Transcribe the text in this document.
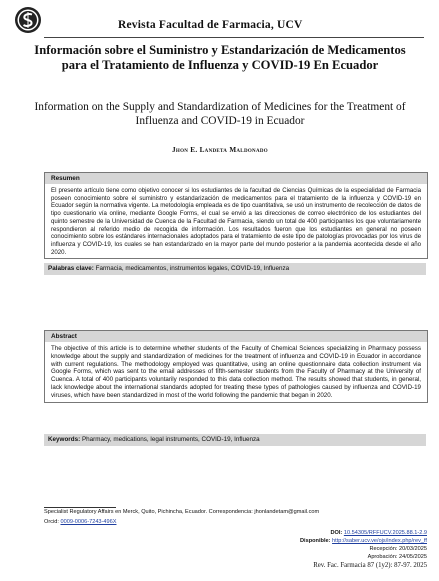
Revista Facultad de Farmacia, UCV
Información sobre el Suministro y Estandarización de Medicamentos para el Tratamiento de Influenza y COVID-19 En Ecuador
Information on the Supply and Standardization of Medicines for the Treatment of Influenza and COVID-19 in Ecuador
Jhon E. Landeta Maldonado
Resumen
El presente artículo tiene como objetivo conocer si los estudiantes de la facultad de Ciencias Químicas de la especialidad de Farmacia poseen conocimiento sobre el suministro y estandarización de medicamentos para el tratamiento de la influenza y COVID-19 en Ecuador según la normativa vigente. La metodología empleada es de tipo cuantitativa, se usó un instrumento de recolección de datos de tipo cuestionario vía online, mediante Google Forms, el cual se envió a las direcciones de correo electrónico de los estudiantes del quinto semestre de la Universidad de Cuenca de la Facultad de Farmacia, siendo un total de 400 participantes los que voluntariamente respondieron al referido medio de recogida de información. Los resultados fueron que los estudiantes en general no poseen conocimiento sobre los estándares internacionales adoptados para el tratamiento de este tipo de patologías provocadas por los virus de influenza y COVID-19, los cuales se han estandarizado en la mayor parte del mundo posterior a la pandemia acontecida desde el año 2020.
Palabras clave: Farmacia, medicamentos, instrumentos legales, COVID-19, Influenza
Abstract
The objective of this article is to determine whether students of the Faculty of Chemical Sciences specializing in Pharmacy possess knowledge about the supply and standardization of medicines for the treatment of influenza and COVID-19 in Ecuador in accordance with current regulations. The methodology employed was quantitative, using an online questionnaire data collection instrument via Google Forms, which was sent to the email addresses of fifth-semester students from the Faculty of Pharmacy at the University of Cuenca. A total of 400 participants voluntarily responded to this data collection method. The results showed that students, in general, lack knowledge about the international standards adopted for treating these types of pathologies caused by influenza and COVID-19 viruses, which have been standardized in most of the world following the pandemic that began in 2020.
Keywords: Pharmacy, medications, legal instruments, COVID-19, Influenza
Specialist Regulatory Affairs en Merck, Quito, Pichincha, Ecuador. Correspondencia: jhonlandetam@gmail.com
Orcid: 0009-0006-7243-496X
DOI: 10.54305/RFFUCV.2025.88.1-2.9
Disponible: http://saber.ucv.ve/ojs/index.php/rev_ff
Recepción: 20/03/2025
Aprobación: 24/05/2025
Rev. Fac. Farmacia 87 (1y2): 87-97. 2025
